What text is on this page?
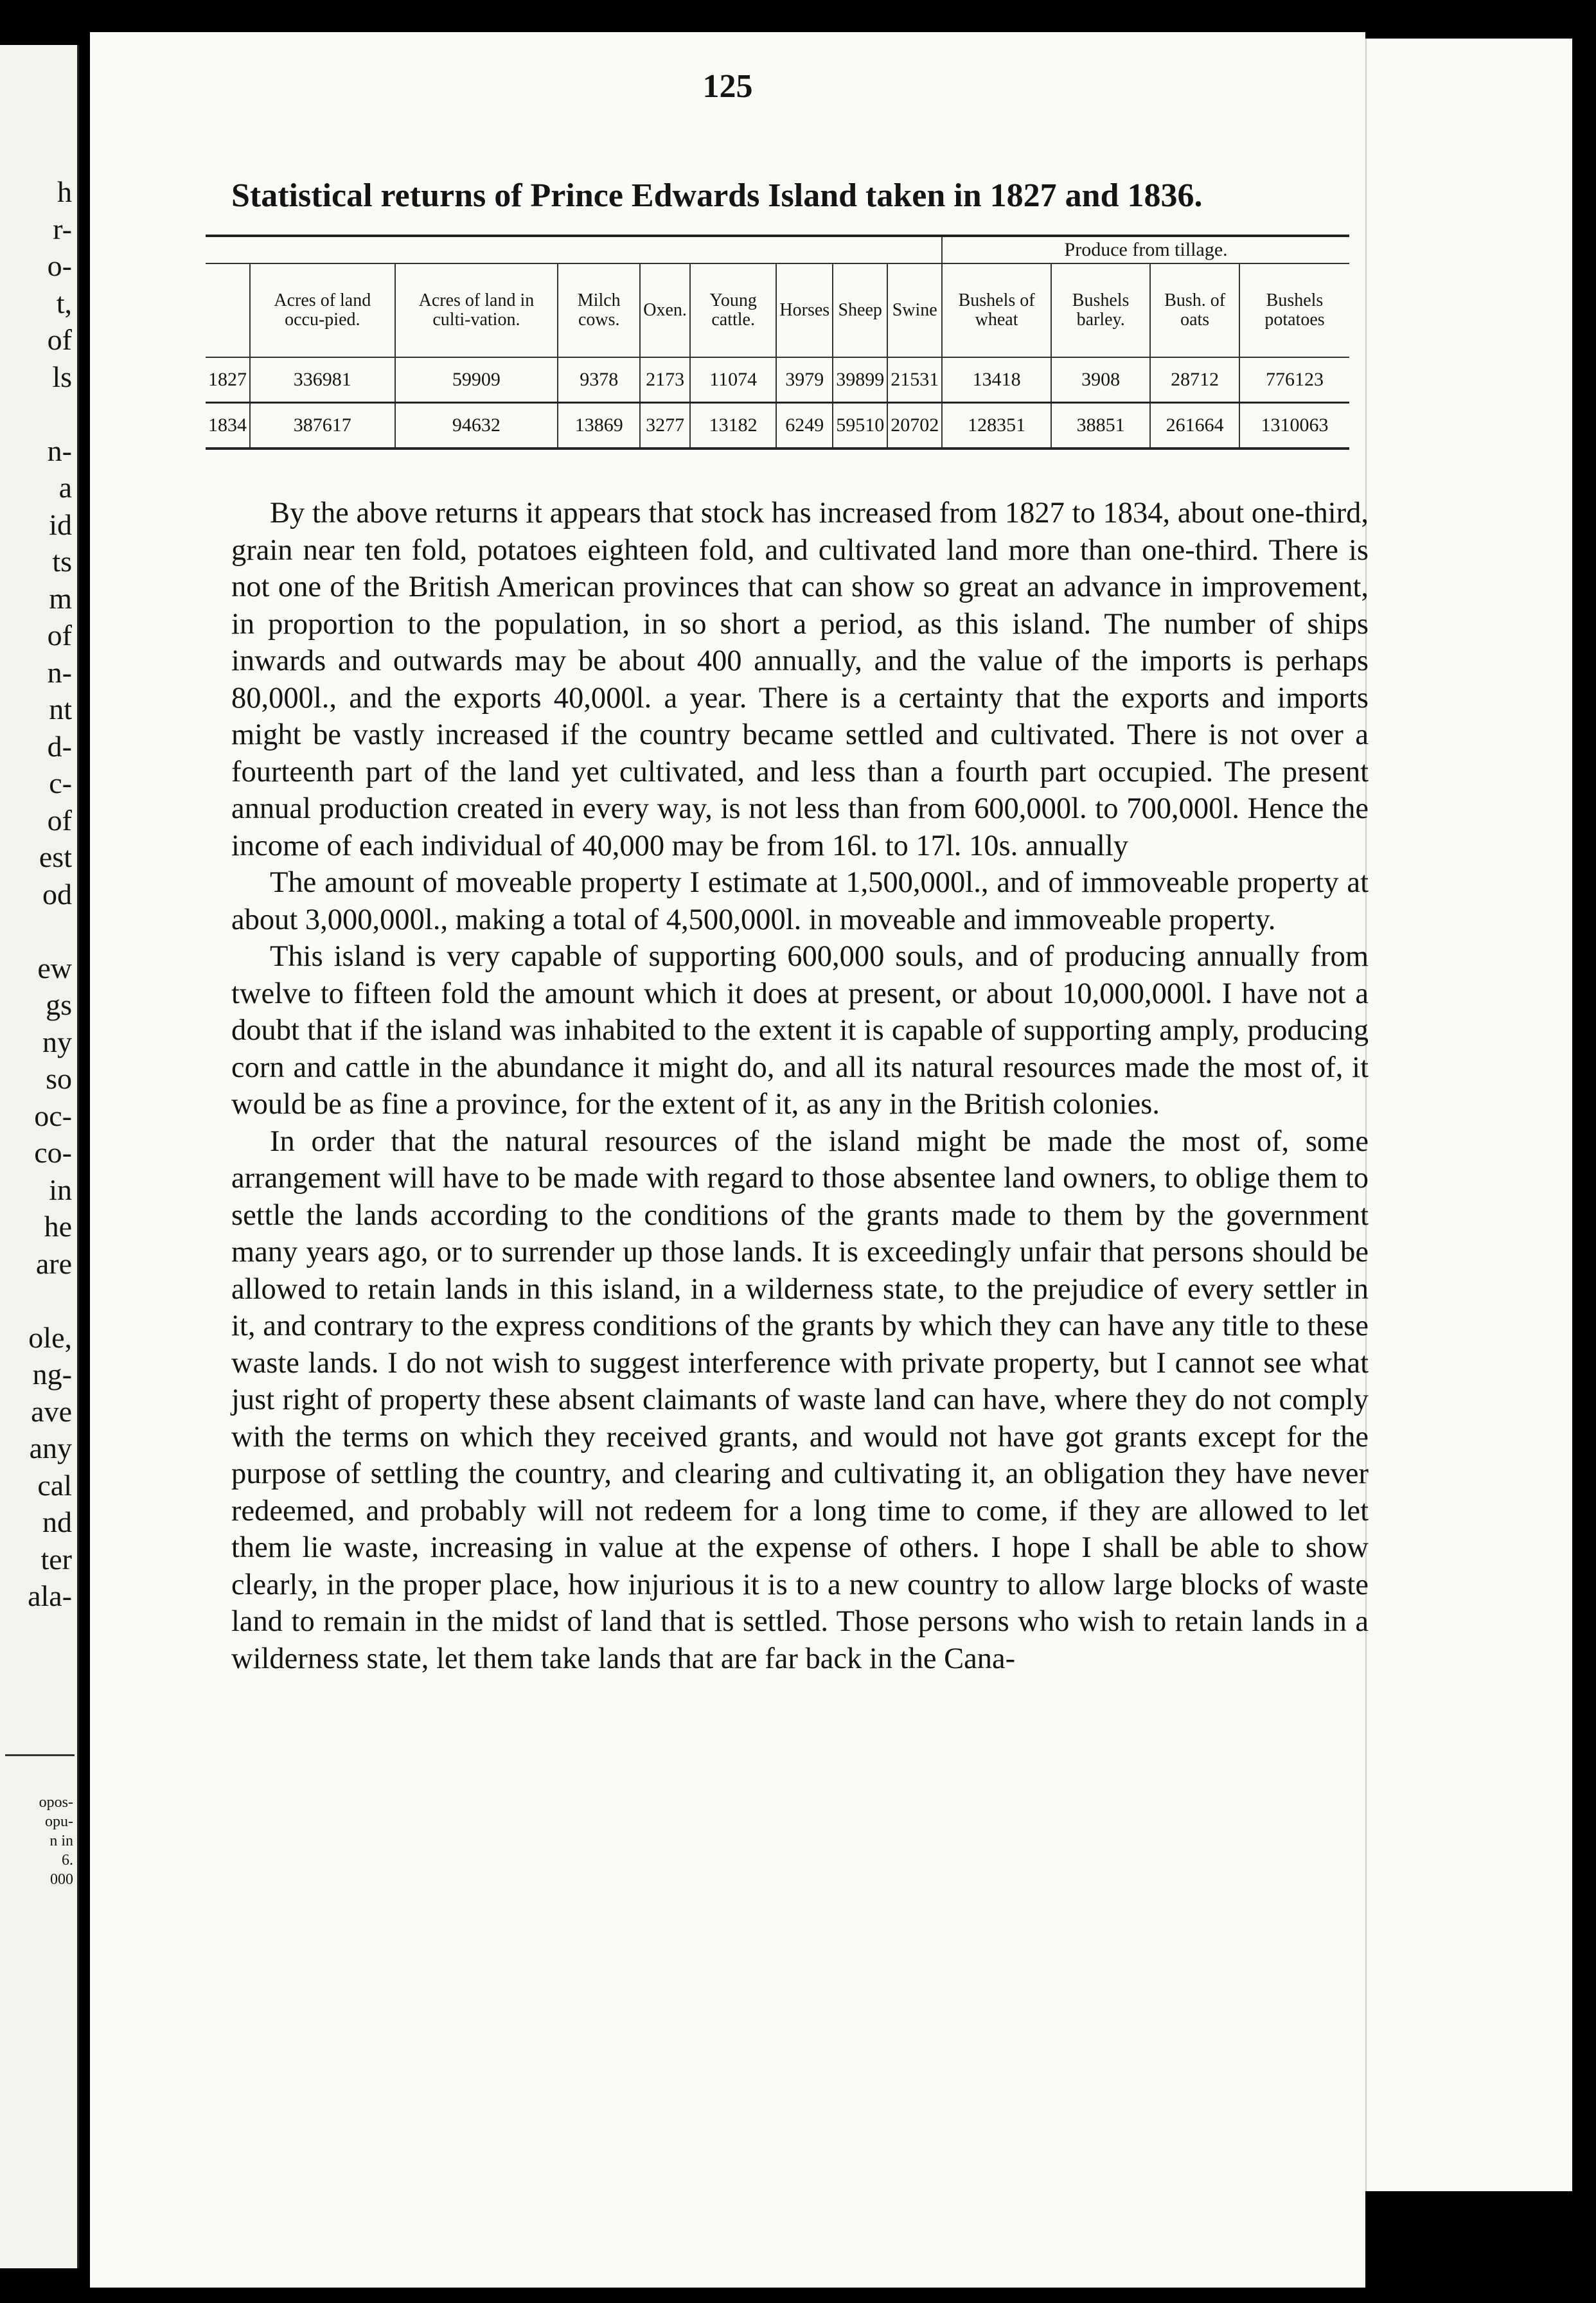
h
r-
o-
t,
of
ls
n-
a
id
ts
m
of
n-
nt
d-
c-
of
est
od
ew
gs
ny
so
oc-
co-
in
he
are
ole,
ng-
ave
any
cal
nd
ter
ala-
opos-
opu-
n in
6.
000
125
Statistical returns of Prince Edwards Island taken in 1827 and 1836.
									Produce from tillage.			
	Acres of land occu-pied.	Acres of land in culti-vation.	Milch cows.	Oxen.	Young cattle.	Horses	Sheep	Swine	Bushels of wheat	Bushels barley.	Bush. of oats	Bushels potatoes
1827	336981	59909	9378	2173	11074	3979	39899	21531	13418	3908	28712	776123
1834	387617	94632	13869	3277	13182	6249	59510	20702	128351	38851	261664	1310063

By the above returns it appears that stock has increased from 1827 to 1834, about one-third, grain near ten fold, potatoes eighteen fold, and cultivated land more than one-third. There is not one of the British American provinces that can show so great an advance in improvement, in proportion to the population, in so short a period, as this island. The number of ships inwards and outwards may be about 400 annually, and the value of the imports is perhaps 80,000l., and the exports 40,000l. a year. There is a certainty that the exports and imports might be vastly increased if the country became settled and cultivated. There is not over a fourteenth part of the land yet cultivated, and less than a fourth part occupied. The present annual production created in every way, is not less than from 600,000l. to 700,000l. Hence the income of each individual of 40,000 may be from 16l. to 17l. 10s. annually

The amount of moveable property I estimate at 1,500,000l., and of immoveable property at about 3,000,000l., making a total of 4,500,000l. in moveable and immoveable property.

This island is very capable of supporting 600,000 souls, and of producing annually from twelve to fifteen fold the amount which it does at present, or about 10,000,000l. I have not a doubt that if the island was inhabited to the extent it is capable of supporting amply, producing corn and cattle in the abundance it might do, and all its natural resources made the most of, it would be as fine a province, for the extent of it, as any in the British colonies.

In order that the natural resources of the island might be made the most of, some arrangement will have to be made with regard to those absentee land owners, to oblige them to settle the lands according to the conditions of the grants made to them by the government many years ago, or to surrender up those lands. It is exceedingly unfair that persons should be allowed to retain lands in this island, in a wilderness state, to the prejudice of every settler in it, and contrary to the express conditions of the grants by which they can have any title to these waste lands. I do not wish to suggest interference with private property, but I cannot see what just right of property these absent claimants of waste land can have, where they do not comply with the terms on which they received grants, and would not have got grants except for the purpose of settling the country, and clearing and cultivating it, an obligation they have never redeemed, and probably will not redeem for a long time to come, if they are allowed to let them lie waste, increasing in value at the expense of others. I hope I shall be able to show clearly, in the proper place, how injurious it is to a new country to allow large blocks of waste land to remain in the midst of land that is settled. Those persons who wish to retain lands in a wilderness state, let them take lands that are far back in the Cana-
